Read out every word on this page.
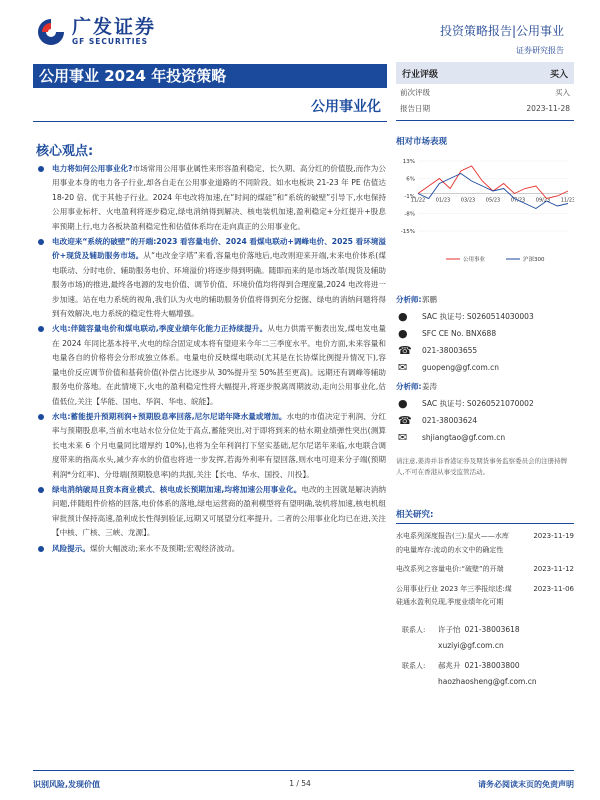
广发证券
GF SECURITIES
投资策略报告|公用事业
证券研究报告
公用事业 2024 年投资策略
公用事业化
核心观点:
电力将如何公用事业化?市场常用公用事业属性来形容盈利稳定、长久期、高分红的价值股,而作为公用事业本身的电力各子行业,却各自走在公用事业道路的不同阶段。如水电板块 21-23 年 PE 估值达 18-20 倍、优于其他子行业。2024 年电改将加速,在“时间的煤硅”和“系统的破壁”引导下,水电保持公用事业标杆、火电盈利将逐步稳定,绿电消纳得到解决、核电装机加速,盈利稳定+分红提升+股息率预期上行,电力各板块盈利稳定性和估值体系均在走向真正的公用事业化。
电改迎来“系统的破壁”的开端:2023 看容量电价、2024 看煤电联动+调峰电价、2025 看环境溢价+现货及辅助服务市场。从“电改金字塔”来看,容量电价落地后,电改则迎来开端,未来电价体系(煤电联动、分时电价、辅助服务电价、环境溢价)将逐步得到明确。随即而来的是市场改革(现货及辅助服务市场)的推进,最终各电源的发电价值、调节价值、环境价值均将得到合理度量,2024 电改将进一步加速。站在电力系统的视角,我们认为火电的辅助服务价值将得到充分挖掘、绿电的消纳问题将得到有效解决,电力系统的稳定性将大幅增强。
火电:伴随容量电价和煤电联动,季度业绩年化能力正持续提升。从电力供需平衡表出发,煤电发电量在 2024 年同比基本持平,火电的综合固定成本将有望迎来今年二三季度水平。电价方面,未来容量和电量各自的价格将会分形成独立体系。电量电价反映煤电联动(尤其是在长协煤比例提升情况下),容量电价反应调节价值和基荷价值(补偿占比逐步从 30%提升至 50%甚至更高)。远期还有调峰等辅助服务电价落地。在此情境下,火电的盈利稳定性将大幅提升,将逐步脱离周期波动,走向公用事业化,估值低位,关注【华能、国电、华润、华电、皖能】。
水电:蓄能提升预期利润+预期股息率回落,尼尔尼诺年降水量或增加。水电的市值决定于利润、分红率与预期股息率,当前水电站水位分位处于高点,蓄能突出,对于即将到来的枯水期业绩弹性突出(测算长电未来 6 个月电量同比增厚约 10%),也将为全年利润打下坚实基础,尼尔尼诺年来临,水电联合调度带来的指高水头,减少弃水的价值也将进一步发挥,若海外利率有望回落,则水电可迎来分子端(预期利润*分红率)、分母端(预期股息率)的共振,关注【长电、华水、国投、川投】。
绿电消纳破局且资本商业模式、核电成长预期加速,均将加速公用事业化。电改的主因就是解决消纳问题,伴随组件价格的回落,电价体系的落地,绿电运营商的盈利模型将有望明确,装机将加速,核电机组审批预计保持高速,盈利成长性得到验证,远期又可展望分红率提升。二者的公用事业化均已在进,关注【中核、广核、三峡、龙源】。
风险提示。煤价大幅波动;来水不及预期;宏观经济波动。
行业评级	买入
前次评级	买入
报告日期	2023-11-28
相对市场表现
13%
6%
-1%
-8%
-15%
11/22 01/23 03/23 05/23 07/23 09/23 11/23
公用事业	沪深300
分析师: 郭鹏
●	SAC 执证号: S0260514030003
●	SFC CE No. BNX688
☎	021-38003655
✉	guopeng@gf.com.cn
分析师: 姜涛
●	SAC 执证号: S0260521070002
☎	021-38003624
✉	shjiangtao@gf.com.cn
请注意,姜涛并非香港证券及期货事务监察委员会的注册持牌人,不可在香港从事受监管活动。
相关研究:
水电系列深度报告(三):星火——水库的电量库存:流动的水文中的确定性
2023-11-19
电改系列之容量电价:“破壁”的开端	2023-11-12
公用事业行业 2023 年三季报综述:煤硅通水盈利兑现,季度业绩年化可期
2023-11-06
联系人:	许子怡 021-38003618
xuziyi@gf.com.cn
联系人:	郝兆升 021-38003800
haozhaosheng@gf.com.cn
识别风险,发现价值	请务必阅读末页的免责声明
1 / 54
